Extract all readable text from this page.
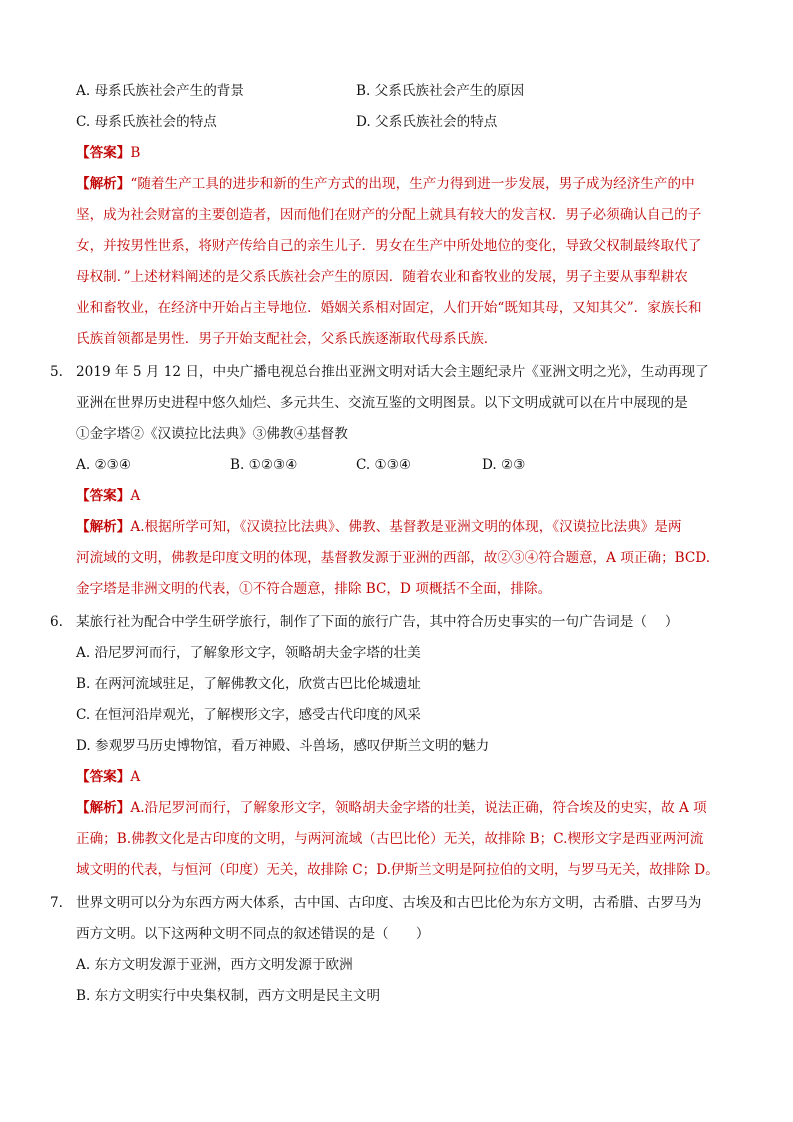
A. 母系氏族社会产生的背景	B. 父系氏族社会产生的原因
C. 母系氏族社会的特点	D. 父系氏族社会的特点
【答案】B
【解析】“随着生产工具的进步和新的生产方式的出现，生产力得到进一步发展，男子成为经济生产的中
坚，成为社会财富的主要创造者，因而他们在财产的分配上就具有较大的发言权．男子必须确认自己的子
女，并按男性世系，将财产传给自己的亲生儿子．男女在生产中所处地位的变化，导致父权制最终取代了
母权制．”上述材料阐述的是父系氏族社会产生的原因．随着农业和畜牧业的发展，男子主要从事犁耕农
业和畜牧业，在经济中开始占主导地位．婚姻关系相对固定，人们开始“既知其母，又知其父”．家族长和
氏族首领都是男性．男子开始支配社会，父系氏族逐渐取代母系氏族．
5. 2019 年 5 月 12 日，中央广播电视总台推出亚洲文明对话大会主题纪录片《亚洲文明之光》，生动再现了
亚洲在世界历史进程中悠久灿烂、多元共生、交流互鉴的文明图景。以下文明成就可以在片中展现的是
①金字塔②《汉谟拉比法典》③佛教④基督教
A. ②③④	B. ①②③④	C. ①③④	D. ②③
【答案】A
【解析】A.根据所学可知，《汉谟拉比法典》、佛教、基督教是亚洲文明的体现，《汉谟拉比法典》是两
河流域的文明，佛教是印度文明的体现，基督教发源于亚洲的西部，故②③④符合题意，A 项正确；BCD.
金字塔是非洲文明的代表，①不符合题意，排除 BC，D 项概括不全面，排除。
6. 某旅行社为配合中学生研学旅行，制作了下面的旅行广告，其中符合历史事实的一句广告词是（　 ）
A. 沿尼罗河而行，了解象形文字，领略胡夫金字塔的壮美
B. 在两河流域驻足，了解佛教文化，欣赏古巴比伦城遗址
C. 在恒河沿岸观光，了解楔形文字，感受古代印度的风采
D. 参观罗马历史博物馆，看万神殿、斗兽场，感叹伊斯兰文明的魅力
【答案】A
【解析】A.沿尼罗河而行，了解象形文字，领略胡夫金字塔的壮美，说法正确，符合埃及的史实，故 A 项
正确；B.佛教文化是古印度的文明，与两河流域（古巴比伦）无关，故排除 B；C.楔形文字是西亚两河流
域文明的代表，与恒河（印度）无关，故排除 C；D.伊斯兰文明是阿拉伯的文明，与罗马无关，故排除 D。
7. 世界文明可以分为东西方两大体系，古中国、古印度、古埃及和古巴比伦为东方文明，古希腊、古罗马为
西方文明。以下这两种文明不同点的叙述错误的是（　　）
A. 东方文明发源于亚洲，西方文明发源于欧洲
B. 东方文明实行中央集权制，西方文明是民主文明
